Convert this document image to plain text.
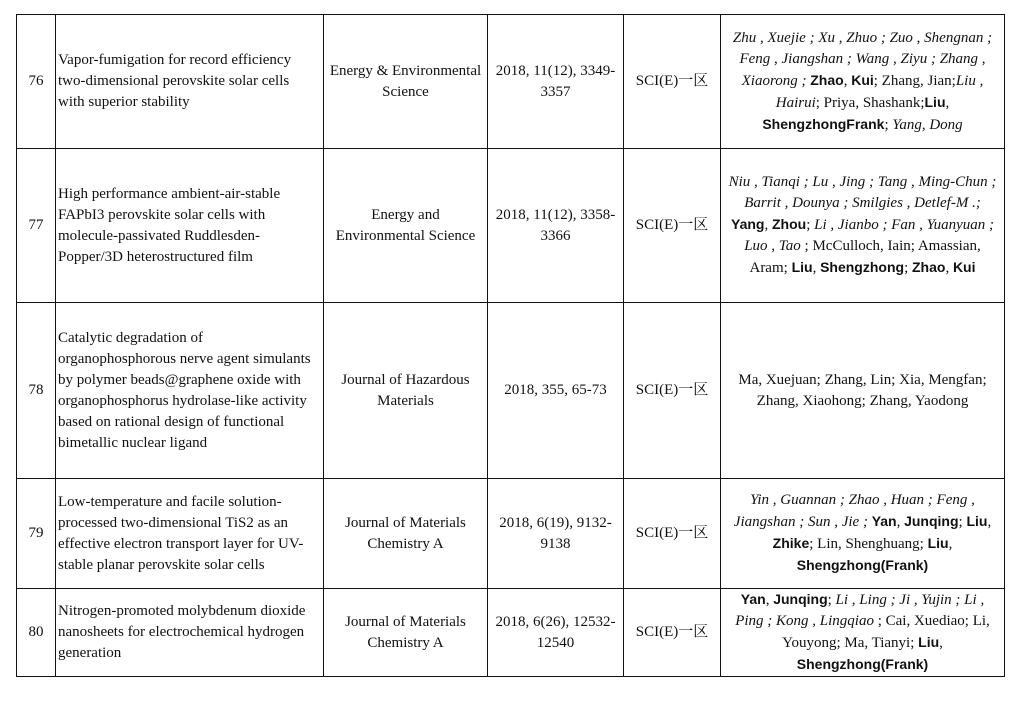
76	Vapor-fumigation for record efficiency two-dimensional perovskite solar cells with superior stability	Energy & Environmental Science	2018, 11(12), 3349-3357	SCI(E)一区	Zhu , Xuejie ; Xu , Zhuo ; Zuo , Shengnan ; Feng , Jiangshan ; Wang , Ziyu ; Zhang , Xiaorong ; Zhao, Kui; Zhang, Jian;Liu , Hairui; Priya, Shashank;Liu, ShengzhongFrank; Yang, Dong
77	High performance ambient-air-stable FAPbI3 perovskite solar cells with molecule-passivated Ruddlesden-Popper/3D heterostructured film	Energy and Environmental Science	2018, 11(12), 3358-3366	SCI(E)一区	Niu , Tianqi ; Lu , Jing ; Tang , Ming-Chun ; Barrit , Dounya ; Smilgies , Detlef-M .; Yang, Zhou; Li , Jianbo ; Fan , Yuanyuan ; Luo , Tao ; McCulloch, Iain; Amassian, Aram; Liu, Shengzhong; Zhao, Kui
78	Catalytic degradation of organophosphorous nerve agent simulants by polymer beads@graphene oxide with organophosphorus hydrolase-like activity based on rational design of functional bimetallic nuclear ligand	Journal of Hazardous Materials	2018, 355, 65-73	SCI(E)一区	Ma, Xuejuan; Zhang, Lin; Xia, Mengfan; Zhang, Xiaohong; Zhang, Yaodong
79	Low-temperature and facile solution-processed two-dimensional TiS2 as an effective electron transport layer for UV-stable planar perovskite solar cells	Journal of Materials Chemistry A	2018, 6(19), 9132-9138	SCI(E)一区	Yin , Guannan ; Zhao , Huan ; Feng , Jiangshan ; Sun , Jie ; Yan, Junqing; Liu, Zhike; Lin, Shenghuang; Liu, Shengzhong(Frank)
80	Nitrogen-promoted molybdenum dioxide nanosheets for electrochemical hydrogen generation	Journal of Materials Chemistry A	2018, 6(26), 12532-12540	SCI(E)一区	Yan, Junqing; Li , Ling ; Ji , Yujin ; Li , Ping ; Kong , Lingqiao ; Cai, Xuediao; Li, Youyong; Ma, Tianyi; Liu, Shengzhong(Frank)
